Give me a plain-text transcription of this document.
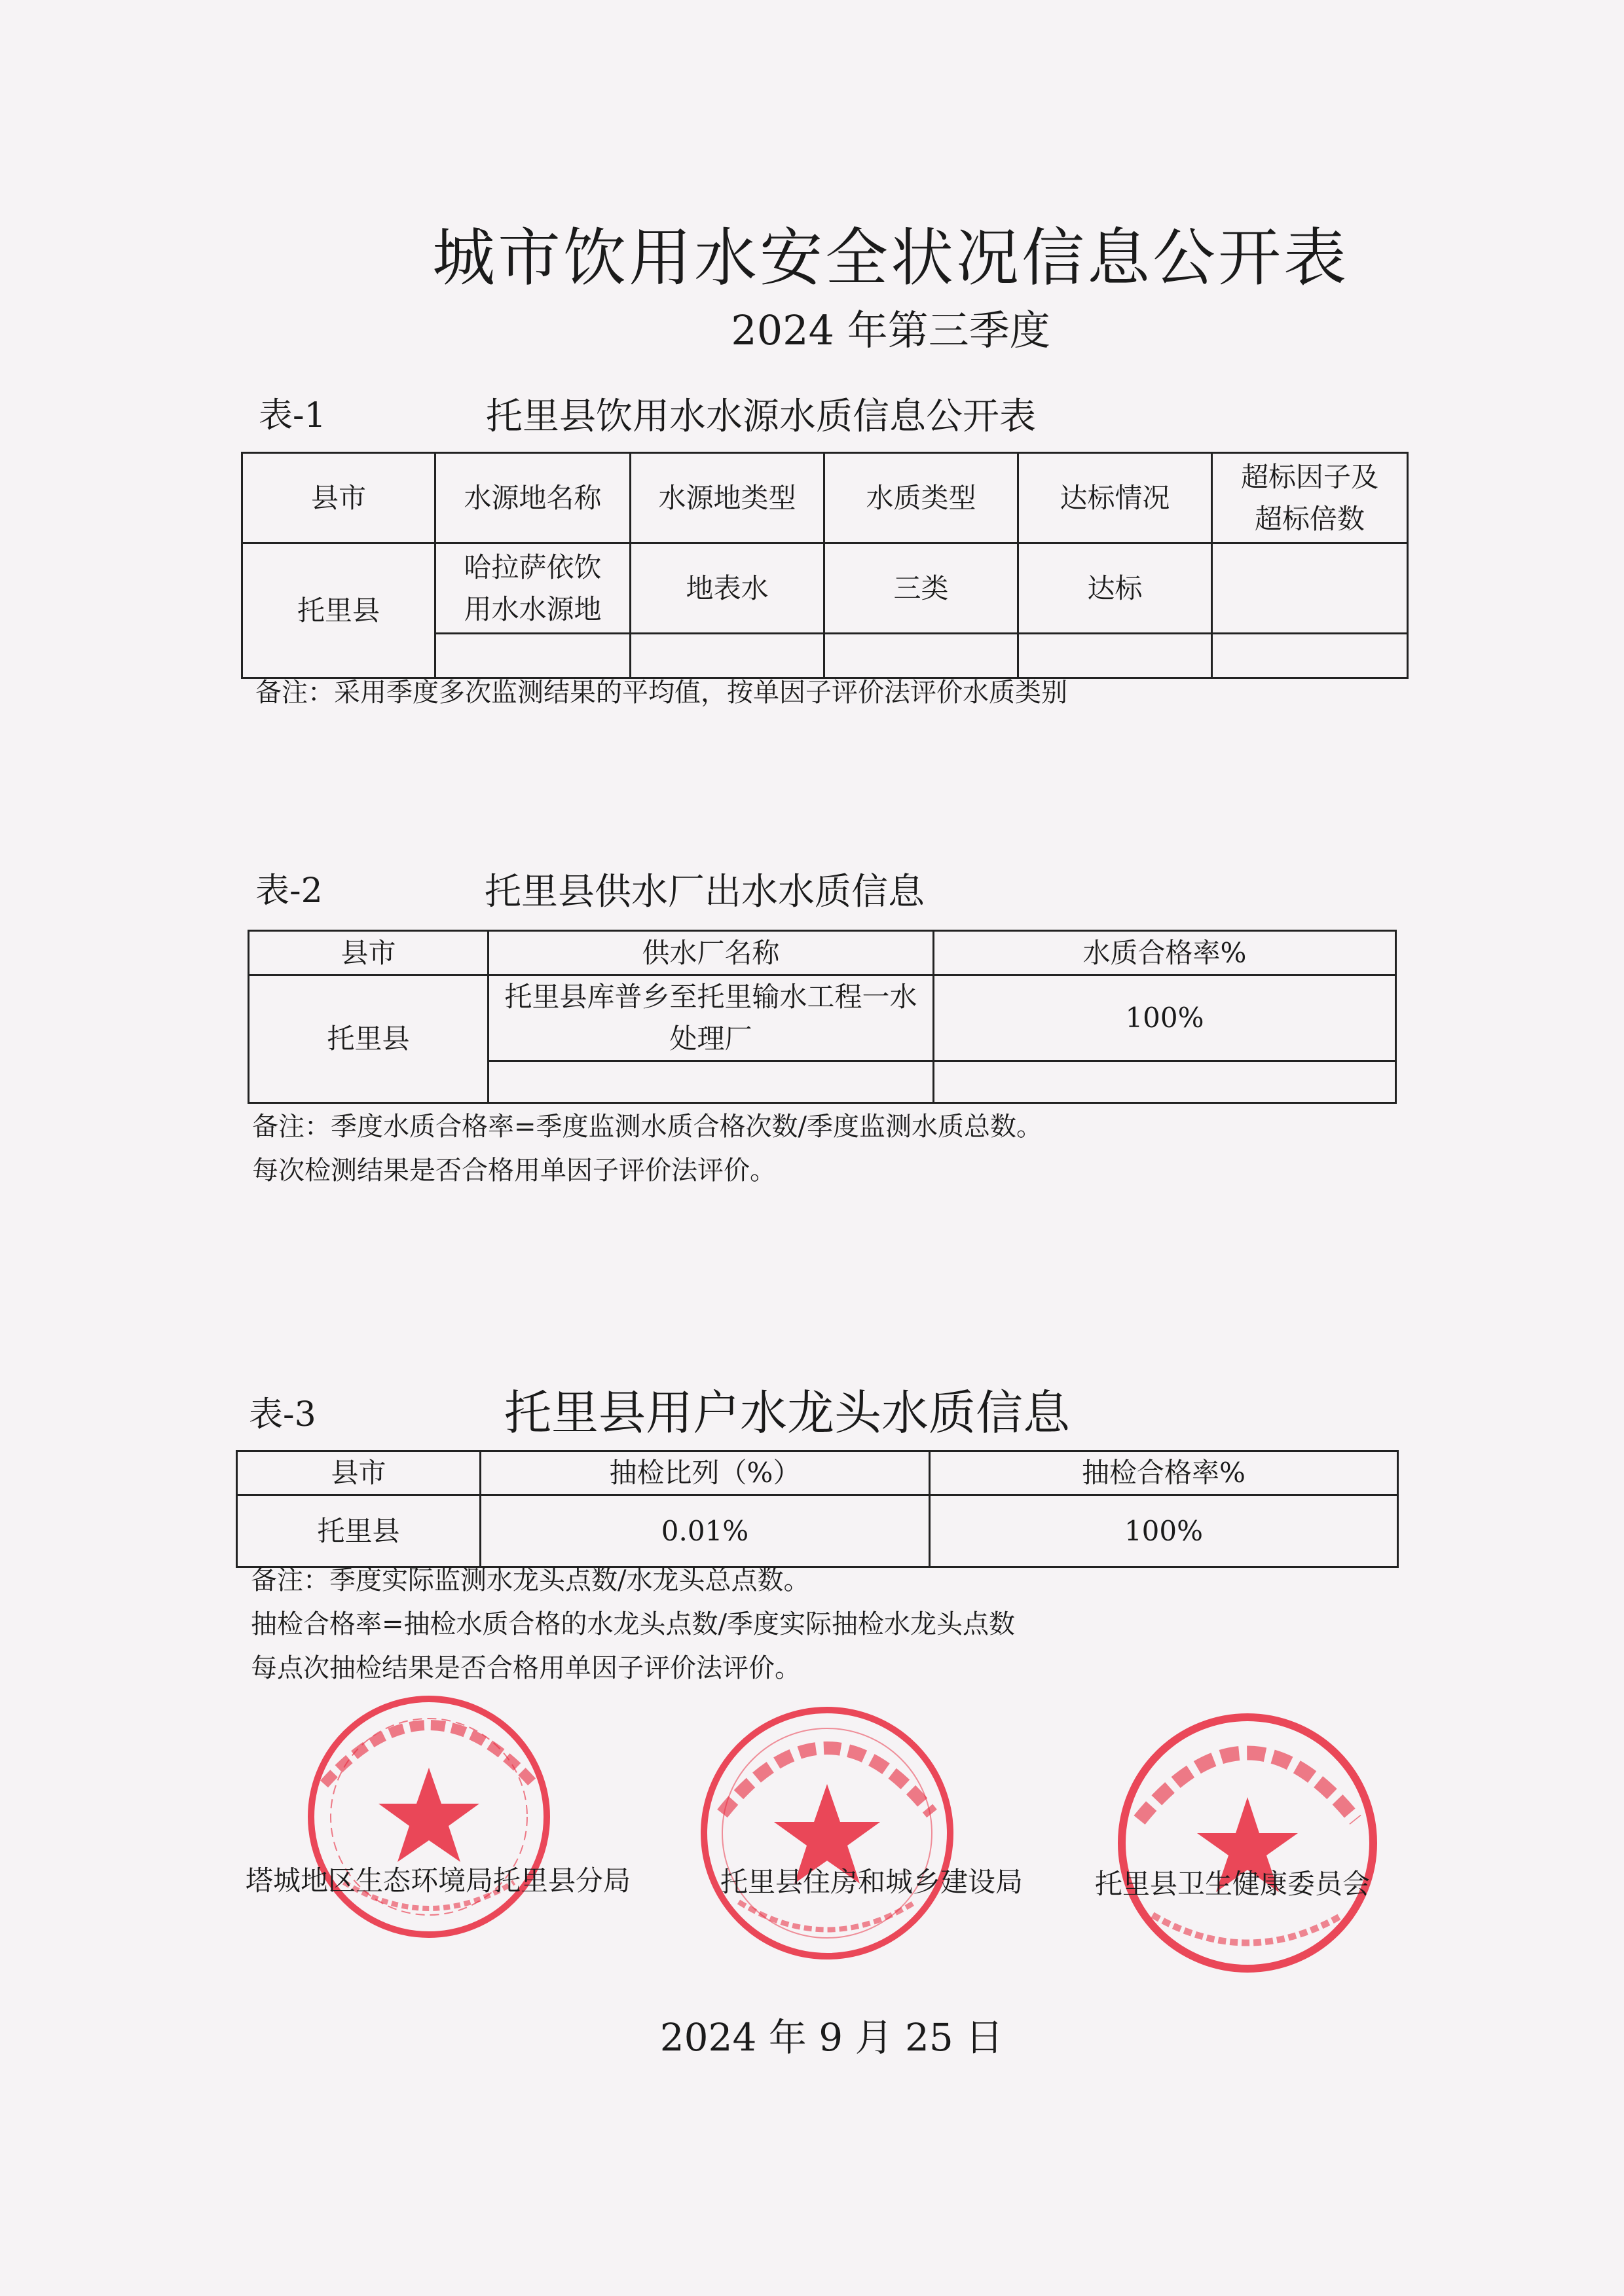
城市饮用水安全状况信息公开表
2024 年第三季度
表-1	托里县饮用水水源水质信息公开表
县市	水源地名称	水源地类型	水质类型	达标情况	超标因子及超标倍数
托里县	哈拉萨依饮用水水源地	地表水	三类	达标	

备注：采用季度多次监测结果的平均值，按单因子评价法评价水质类别
表-2	托里县供水厂出水水质信息
县市	供水厂名称	水质合格率%
托里县	托里县库普乡至托里输水工程一水处理厂	100%

备注：季度水质合格率=季度监测水质合格次数/季度监测水质总数。
每次检测结果是否合格用单因子评价法评价。
表-3	托里县用户水龙头水质信息
县市	抽检比列（%）	抽检合格率%
托里县	0.01%	100%
备注：季度实际监测水龙头点数/水龙头总点数。
抽检合格率=抽检水质合格的水龙头点数/季度实际抽检水龙头点数
每点次抽检结果是否合格用单因子评价法评价。
塔城地区生态环境局托里县分局	托里县住房和城乡建设局	托里县卫生健康委员会
2024 年 9 月 25 日
